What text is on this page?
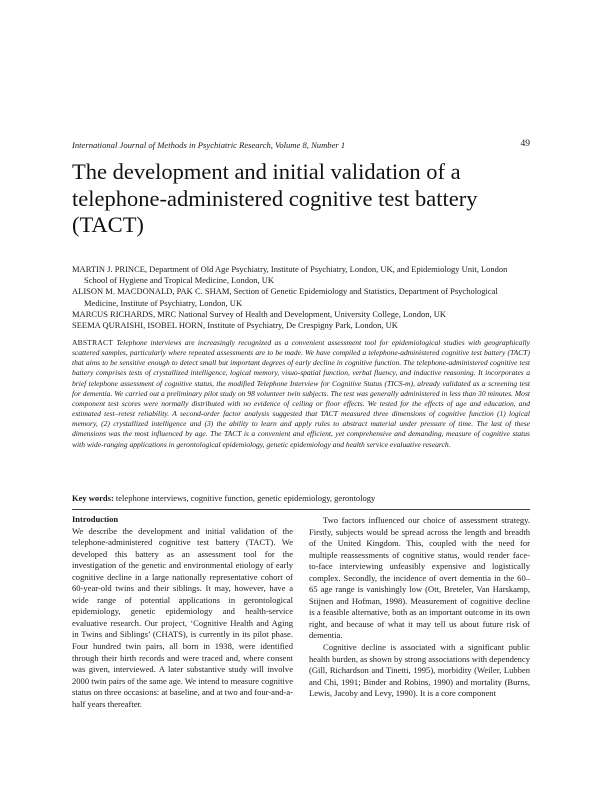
International Journal of Methods in Psychiatric Research, Volume 8, Number 1	49
The development and initial validation of a telephone-administered cognitive test battery (TACT)
MARTIN J. PRINCE, Department of Old Age Psychiatry, Institute of Psychiatry, London, UK, and Epidemiology Unit, London School of Hygiene and Tropical Medicine, London, UK
ALISON M. MACDONALD, PAK C. SHAM, Section of Genetic Epidemiology and Statistics, Department of Psychological Medicine, Institute of Psychiatry, London, UK
MARCUS RICHARDS, MRC National Survey of Health and Development, University College, London, UK
SEEMA QURAISHI, ISOBEL HORN, Institute of Psychiatry, De Crespigny Park, London, UK
ABSTRACT Telephone interviews are increasingly recognized as a convenient assessment tool for epidemiological studies with geographically scattered samples, particularly where repeated assessments are to be made. We have compiled a telephone-administered cognitive test battery (TACT) that aims to be sensitive enough to detect small but important degrees of early decline in cognitive function. The telephone-administered cognitive test battery comprises tests of crystallized intelligence, logical memory, visuo-spatial function, verbal fluency, and inductive reasoning. It incorporates a brief telephone assessment of cognitive status, the modified Telephone Interview for Cognitive Status (TICS-m), already validated as a screening test for dementia. We carried out a preliminary pilot study on 98 volunteer twin subjects. The test was generally administered in less than 30 minutes. Most component test scores were normally distributed with no evidence of ceiling or floor effects. We tested for the effects of age and education, and estimated test–retest reliability. A second-order factor analysis suggested that TACT measured three dimensions of cognitive function (1) logical memory, (2) crystallized intelligence and (3) the ability to learn and apply rules to abstract material under pressure of time. The last of these dimensions was the most influenced by age. The TACT is a convenient and efficient, yet comprehensive and demanding, measure of cognitive status with wide-ranging applications in gerontological epidemiology, genetic epidemiology and health service evaluative research.
Key words: telephone interviews, cognitive function, genetic epidemiology, gerontology
Introduction

We describe the development and initial validation of the telephone-administered cognitive test battery (TACT). We developed this battery as an assessment tool for the investigation of the genetic and environmental etiology of early cognitive decline in a large nationally representative cohort of 60-year-old twins and their siblings. It may, however, have a wide range of potential applications in gerontological epidemiology, genetic epidemiology and health-service evaluative research. Our project, ‘Cognitive Health and Aging in Twins and Siblings’ (CHATS), is currently in its pilot phase. Four hundred twin pairs, all born in 1938, were identified through their birth records and were traced and, where consent was given, interviewed. A later substantive study will involve 2000 twin pairs of the same age. We intend to measure cognitive status on three occasions: at baseline, and at two and four-and-a-half years thereafter.

Two factors influenced our choice of assessment strategy. Firstly, subjects would be spread across the length and breadth of the United Kingdom. This, coupled with the need for multiple reassessments of cognitive status, would render face-to-face interviewing unfeasibly expensive and logistically complex. Secondly, the incidence of overt dementia in the 60–65 age range is vanishingly low (Ott, Breteler, Van Harskamp, Stijnen and Hofman, 1998). Measurement of cognitive decline is a feasible alternative, both as an important outcome in its own right, and because of what it may tell us about future risk of dementia.

Cognitive decline is associated with a significant public health burden, as shown by strong associations with dependency (Gill, Richardson and Tinetti, 1995), morbidity (Weiler, Lubben and Chi, 1991; Binder and Robins, 1990) and mortality (Burns, Lewis, Jacoby and Levy, 1990). It is a core component
